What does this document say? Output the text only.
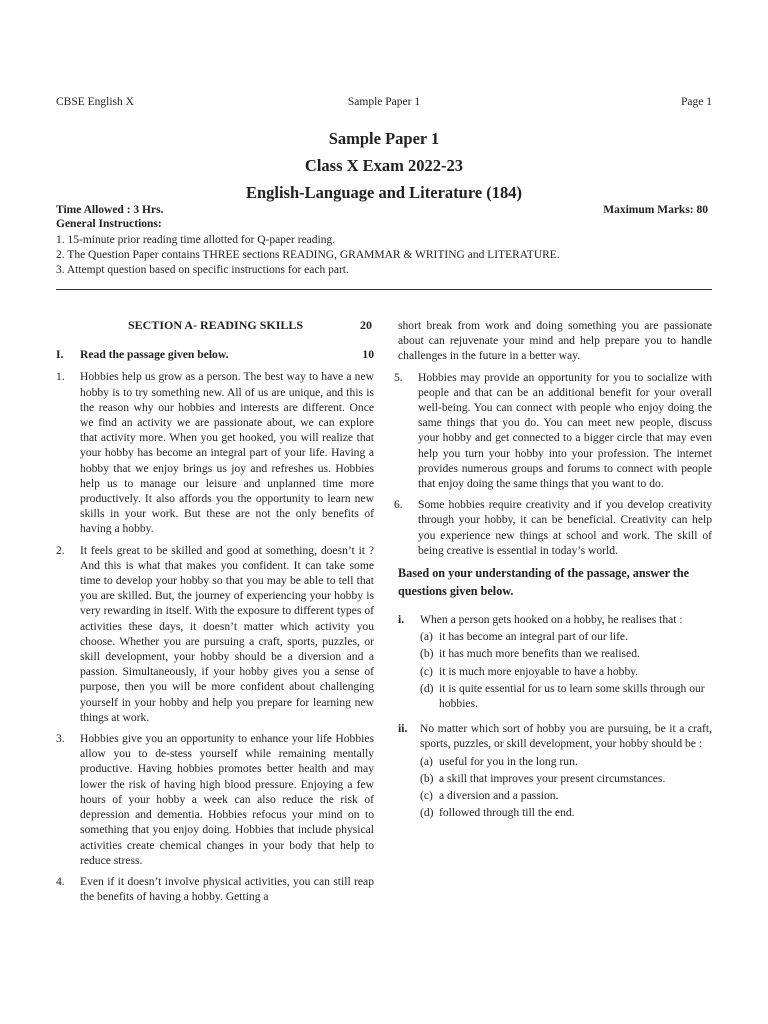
CBSE English X	Sample Paper 1	Page 1
Sample Paper 1
Class X Exam 2022-23
English-Language and Literature (184)
Time Allowed : 3 Hrs.	Maximum Marks: 80
General Instructions:
1. 15-minute prior reading time allotted for Q-paper reading.
2. The Question Paper contains THREE sections READING, GRAMMAR & WRITING and LITERATURE.
3. Attempt question based on specific instructions for each part.
SECTION A- READING SKILLS	20
I.	Read the passage given below.	10
1.	Hobbies help us grow as a person. The best way to have a new hobby is to try something new. All of us are unique, and this is the reason why our hobbies and interests are different. Once we find an activity we are passionate about, we can explore that activity more. When you get hooked, you will realize that your hobby has become an integral part of your life. Having a hobby that we enjoy brings us joy and refreshes us. Hobbies help us to manage our leisure and unplanned time more productively. It also affords you the opportunity to learn new skills in your work. But these are not the only benefits of having a hobby.
2.	It feels great to be skilled and good at something, doesn’t it ? And this is what that makes you confident. It can take some time to develop your hobby so that you may be able to tell that you are skilled. But, the journey of experiencing your hobby is very rewarding in itself. With the exposure to different types of activities these days, it doesn’t matter which activity you choose. Whether you are pursuing a craft, sports, puzzles, or skill development, your hobby should be a diversion and a passion. Simultaneously, if your hobby gives you a sense of purpose, then you will be more confident about challenging yourself in your hobby and help you prepare for learning new things at work.
3.	Hobbies give you an opportunity to enhance your life Hobbies allow you to de-stess yourself while remaining mentally productive. Having hobbies promotes better health and may lower the risk of having high blood pressure. Enjoying a few hours of your hobby a week can also reduce the risk of depression and dementia. Hobbies refocus your mind on to something that you enjoy doing. Hobbies that include physical activities create chemical changes in your body that help to reduce stress.
4.	Even if it doesn’t involve physical activities, you can still reap the benefits of having a hobby. Getting a
short break from work and doing something you are passionate about can rejuvenate your mind and help prepare you to handle challenges in the future in a better way.
5.	Hobbies may provide an opportunity for you to socialize with people and that can be an additional benefit for your overall well-being. You can connect with people who enjoy doing the same things that you do. You can meet new people, discuss your hobby and get connected to a bigger circle that may even help you turn your hobby into your profession. The internet provides numerous groups and forums to connect with people that enjoy doing the same things that you want to do.
6.	Some hobbies require creativity and if you develop creativity through your hobby, it can be beneficial. Creativity can help you experience new things at school and work. The skill of being creative is essential in today’s world.
Based on your understanding of the passage, answer the questions given below.
i.	When a person gets hooked on a hobby, he realises that :
(a) it has become an integral part of our life.
(b) it has much more benefits than we realised.
(c) it is much more enjoyable to have a hobby.
(d) it is quite essential for us to learn some skills through our hobbies.
ii.	No matter which sort of hobby you are pursuing, be it a craft, sports, puzzles, or skill development, your hobby should be :
(a) useful for you in the long run.
(b) a skill that improves your present circumstances.
(c) a diversion and a passion.
(d) followed through till the end.
